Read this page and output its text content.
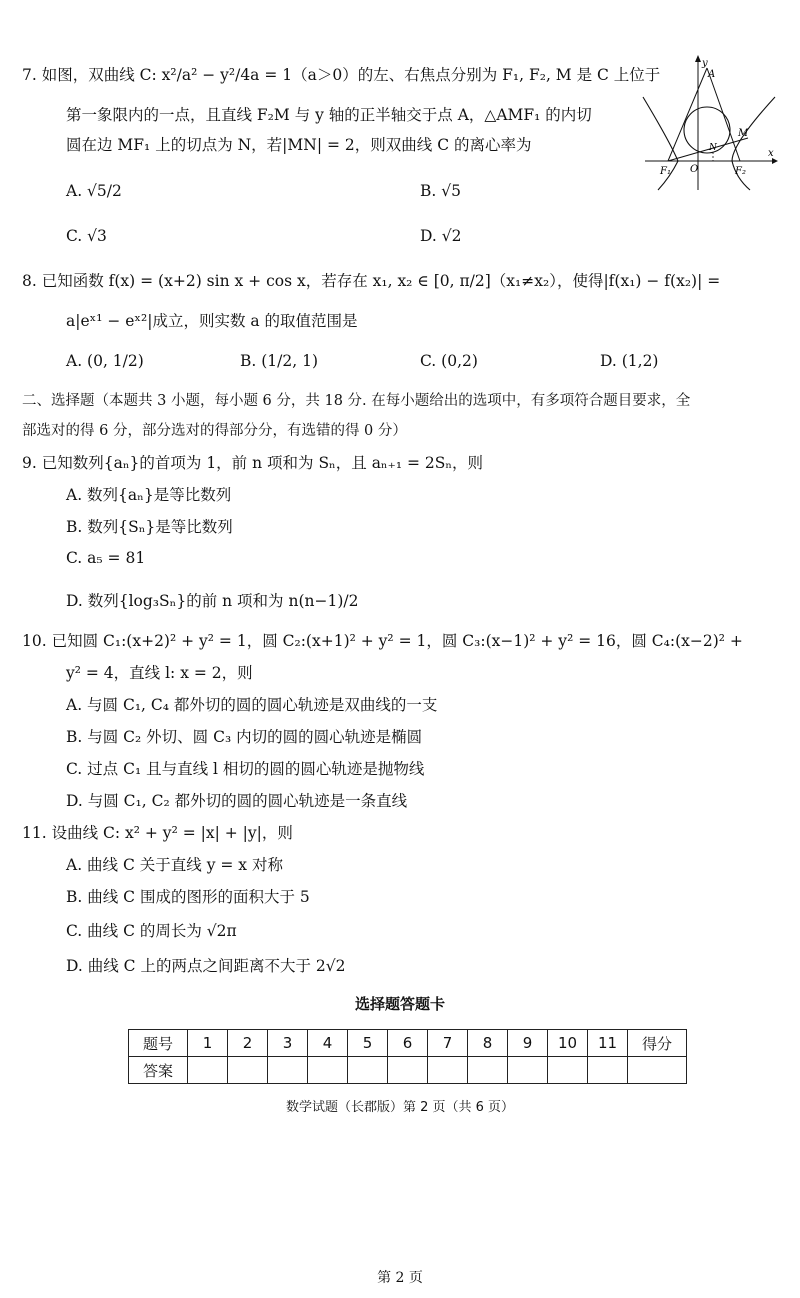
7. 如图，双曲线 C: x²/a² − y²/4a = 1（a＞0）的左、右焦点分别为 F₁, F₂, M 是 C 上位于
第一象限内的一点，且直线 F₂M 与 y 轴的正半轴交于点 A，△AMF₁ 的内切
圆在边 MF₁ 上的切点为 N，若|MN| = 2，则双曲线 C 的离心率为
A. √5/2	B. √5
C. √3	D. √2
y
x
A
M
N
O
F₁	F₂
8. 已知函数 f(x) = (x+2) sin x + cos x，若存在 x₁, x₂ ∈ [0, π/2]（x₁≠x₂），使得|f(x₁) − f(x₂)| =
a|eˣ¹ − eˣ²|成立，则实数 a 的取值范围是
A. (0, 1/2)	B. (1/2, 1)	C. (0,2)	D. (1,2)
二、选择题（本题共 3 小题，每小题 6 分，共 18 分. 在每小题给出的选项中，有多项符合题目要求，全
部选对的得 6 分，部分选对的得部分分，有选错的得 0 分）
9. 已知数列{aₙ}的首项为 1，前 n 项和为 Sₙ，且 aₙ₊₁ = 2Sₙ，则
A. 数列{aₙ}是等比数列
B. 数列{Sₙ}是等比数列
C. a₅ = 81
D. 数列{log₃Sₙ}的前 n 项和为 n(n−1)/2
10. 已知圆 C₁:(x+2)² + y² = 1，圆 C₂:(x+1)² + y² = 1，圆 C₃:(x−1)² + y² = 16，圆 C₄:(x−2)² +
y² = 4，直线 l: x = 2，则
A. 与圆 C₁, C₄ 都外切的圆的圆心轨迹是双曲线的一支
B. 与圆 C₂ 外切、圆 C₃ 内切的圆的圆心轨迹是椭圆
C. 过点 C₁ 且与直线 l 相切的圆的圆心轨迹是抛物线
D. 与圆 C₁, C₂ 都外切的圆的圆心轨迹是一条直线
11. 设曲线 C: x² + y² = |x| + |y|，则
A. 曲线 C 关于直线 y = x 对称
B. 曲线 C 围成的图形的面积大于 5
C. 曲线 C 的周长为 √2π
D. 曲线 C 上的两点之间距离不大于 2√2
选择题答题卡
题号	1	2	3	4	5	6	7	8	9	10	11	得分
答案												
数学试题（长郡版）第 2 页（共 6 页）
第 2 页
